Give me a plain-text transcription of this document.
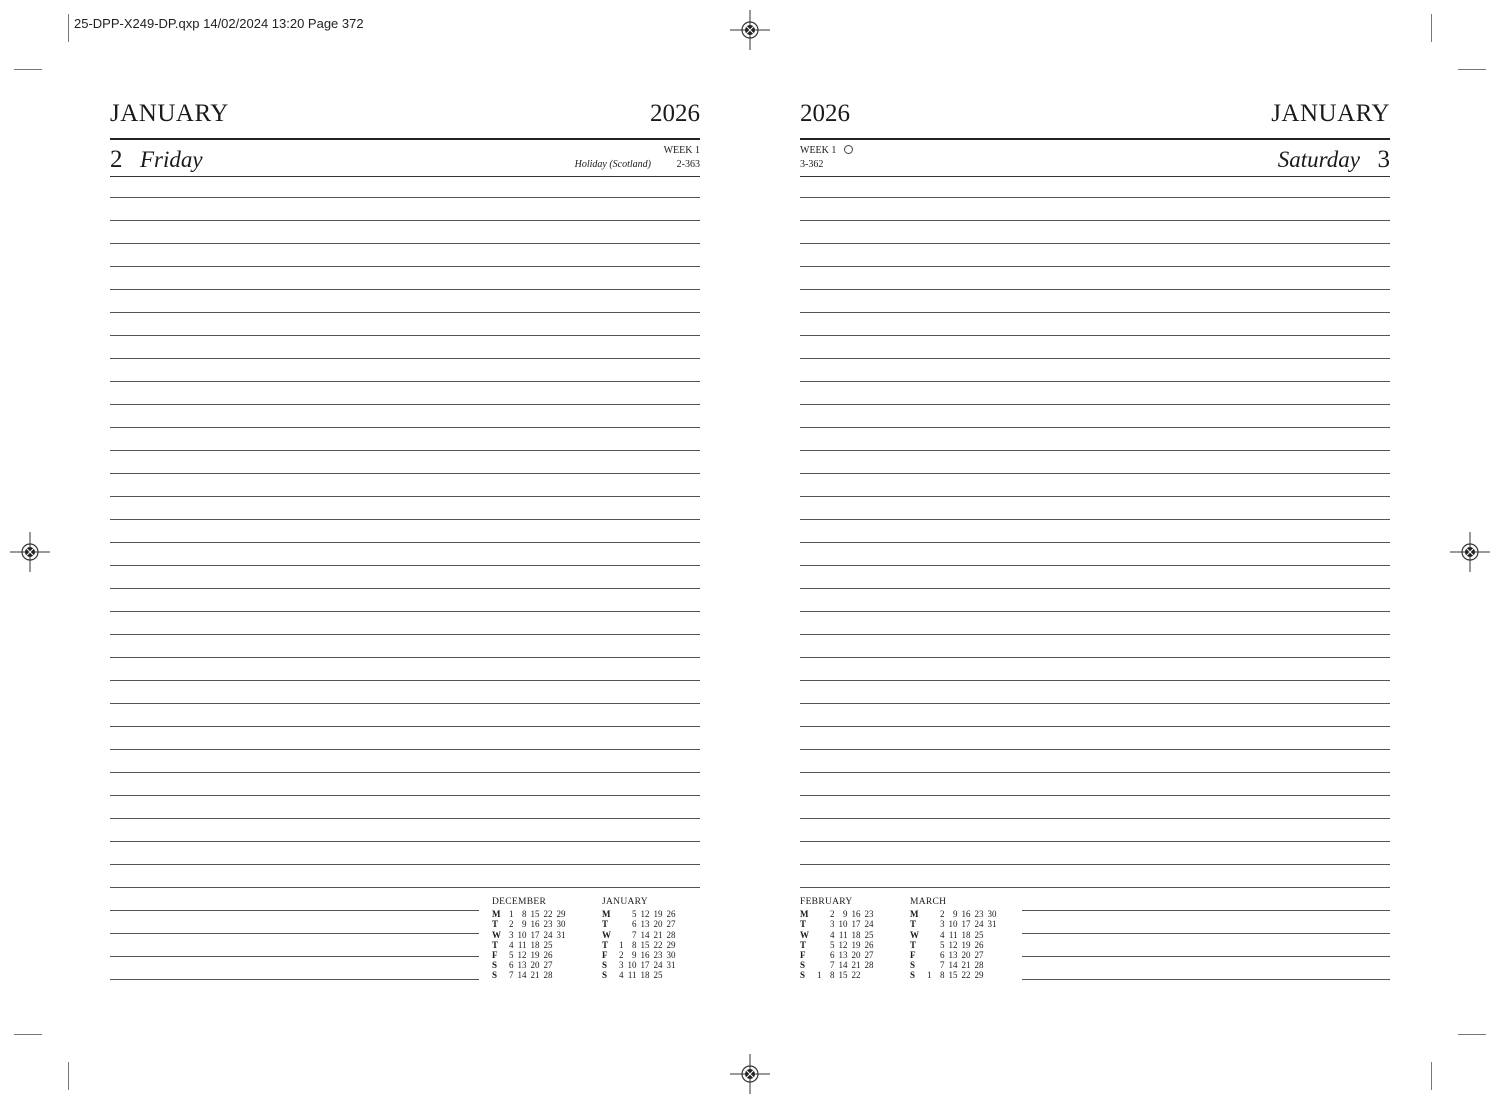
25-DPP-X249-DP.qxp 14/02/2024 13:20 Page 372
JANUARY	2026
2 Friday	WEEK 1
Holiday (Scotland)	2-363
2026	JANUARY
WEEK 1
3-362	Saturday 3
DECEMBER
M	1	8	15	22	29
T	2	9	16	23	30
W	3	10	17	24	31
T	4	11	18	25	
F	5	12	19	26	
S	6	13	20	27	
S	7	14	21	28	
JANUARY
M		5	12	19	26
T		6	13	20	27
W		7	14	21	28
T	1	8	15	22	29
F	2	9	16	23	30
S	3	10	17	24	31
S	4	11	18	25	
FEBRUARY
M		2	9	16	23
T		3	10	17	24
W		4	11	18	25
T		5	12	19	26
F		6	13	20	27
S		7	14	21	28
S	1	8	15	22	
MARCH
M		2	9	16	23	30
T		3	10	17	24	31
W		4	11	18	25	
T		5	12	19	26	
F		6	13	20	27	
S		7	14	21	28	
S	1	8	15	22	29	
